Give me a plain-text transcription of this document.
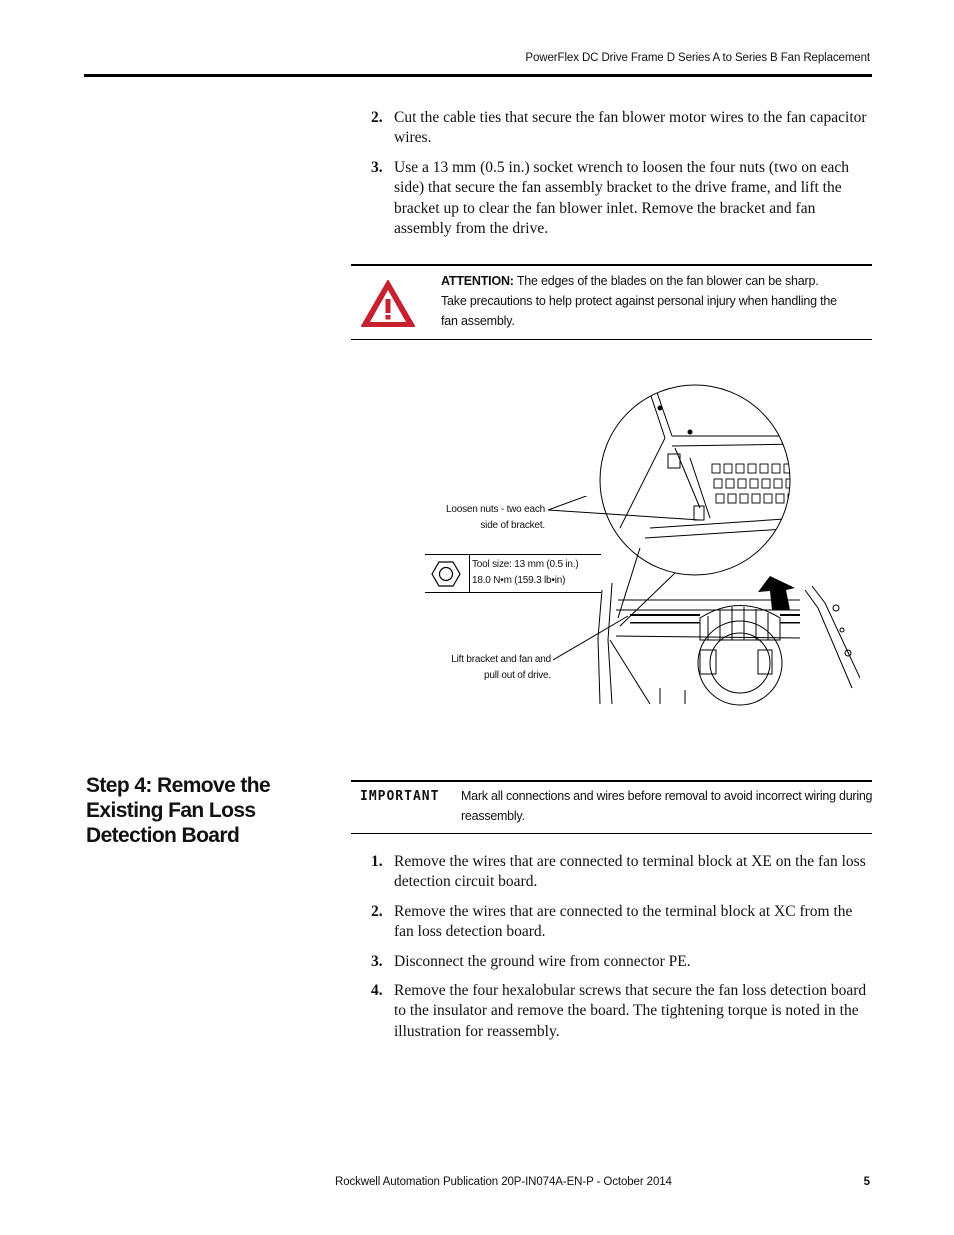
PowerFlex DC Drive Frame D Series A to Series B Fan Replacement
2. Cut the cable ties that secure the fan blower motor wires to the fan capacitor wires.
3. Use a 13 mm (0.5 in.) socket wrench to loosen the four nuts (two on each side) that secure the fan assembly bracket to the drive frame, and lift the bracket up to clear the fan blower inlet. Remove the bracket and fan assembly from the drive.
ATTENTION: The edges of the blades on the fan blower can be sharp. Take precautions to help protect against personal injury when handling the fan assembly.
Loosen nuts - two each
side of bracket.
Tool size: 13 mm (0.5 in.)
18.0 N•m (159.3 lb•in)
Lift bracket and fan and
pull out of drive.
Step 4: Remove the Existing Fan Loss Detection Board
IMPORTANT Mark all connections and wires before removal to avoid incorrect wiring during reassembly.
1. Remove the wires that are connected to terminal block at XE on the fan loss detection circuit board.
2. Remove the wires that are connected to the terminal block at XC from the fan loss detection board.
3. Disconnect the ground wire from connector PE.
4. Remove the four hexalobular screws that secure the fan loss detection board to the insulator and remove the board. The tightening torque is noted in the illustration for reassembly.
Rockwell Automation Publication 20P-IN074A-EN-P - October 2014	5
